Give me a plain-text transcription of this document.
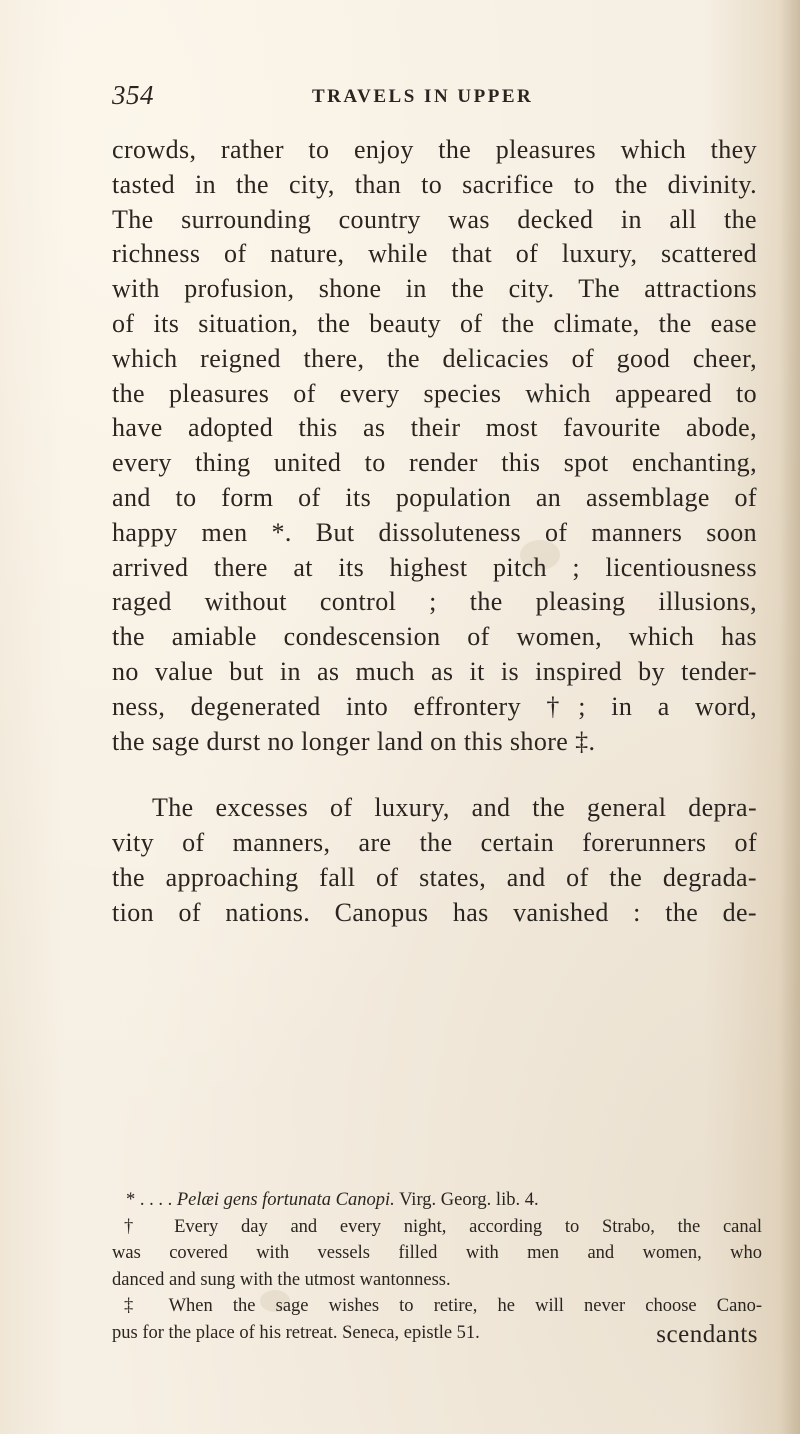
354	TRAVELS IN UPPER
crowds, rather to enjoy the pleasures which they
tasted in the city, than to sacrifice to the divinity.
The surrounding country was decked in all the
richness of nature, while that of luxury, scattered
with profusion, shone in the city. The attractions
of its situation, the beauty of the climate, the ease
which reigned there, the delicacies of good cheer,
the pleasures of every species which appeared to
have adopted this as their most favourite abode,
every thing united to render this spot enchanting,
and to form of its population an assemblage of
happy men *. But dissoluteness of manners soon
arrived there at its highest pitch ; licentiousness
raged without control ; the pleasing illusions,
the amiable condescension of women, which has
no value but in as much as it is inspired by tender-
ness, degenerated into effrontery †; in a word,
the sage durst no longer land on this shore ‡.
The excesses of luxury, and the general depra-
vity of manners, are the certain forerunners of
the approaching fall of states, and of the degrada-
tion of nations. Canopus has vanished : the de-
* . . . . Pelæi gens fortunata Canopi. Virg. Georg. lib. 4.
† Every day and every night, according to Strabo, the canal
was covered with vessels filled with men and women, who
danced and sung with the utmost wantonness.
‡ When the sage wishes to retire, he will never choose Cano-
pus for the place of his retreat. Seneca, epistle 51.	scendants
